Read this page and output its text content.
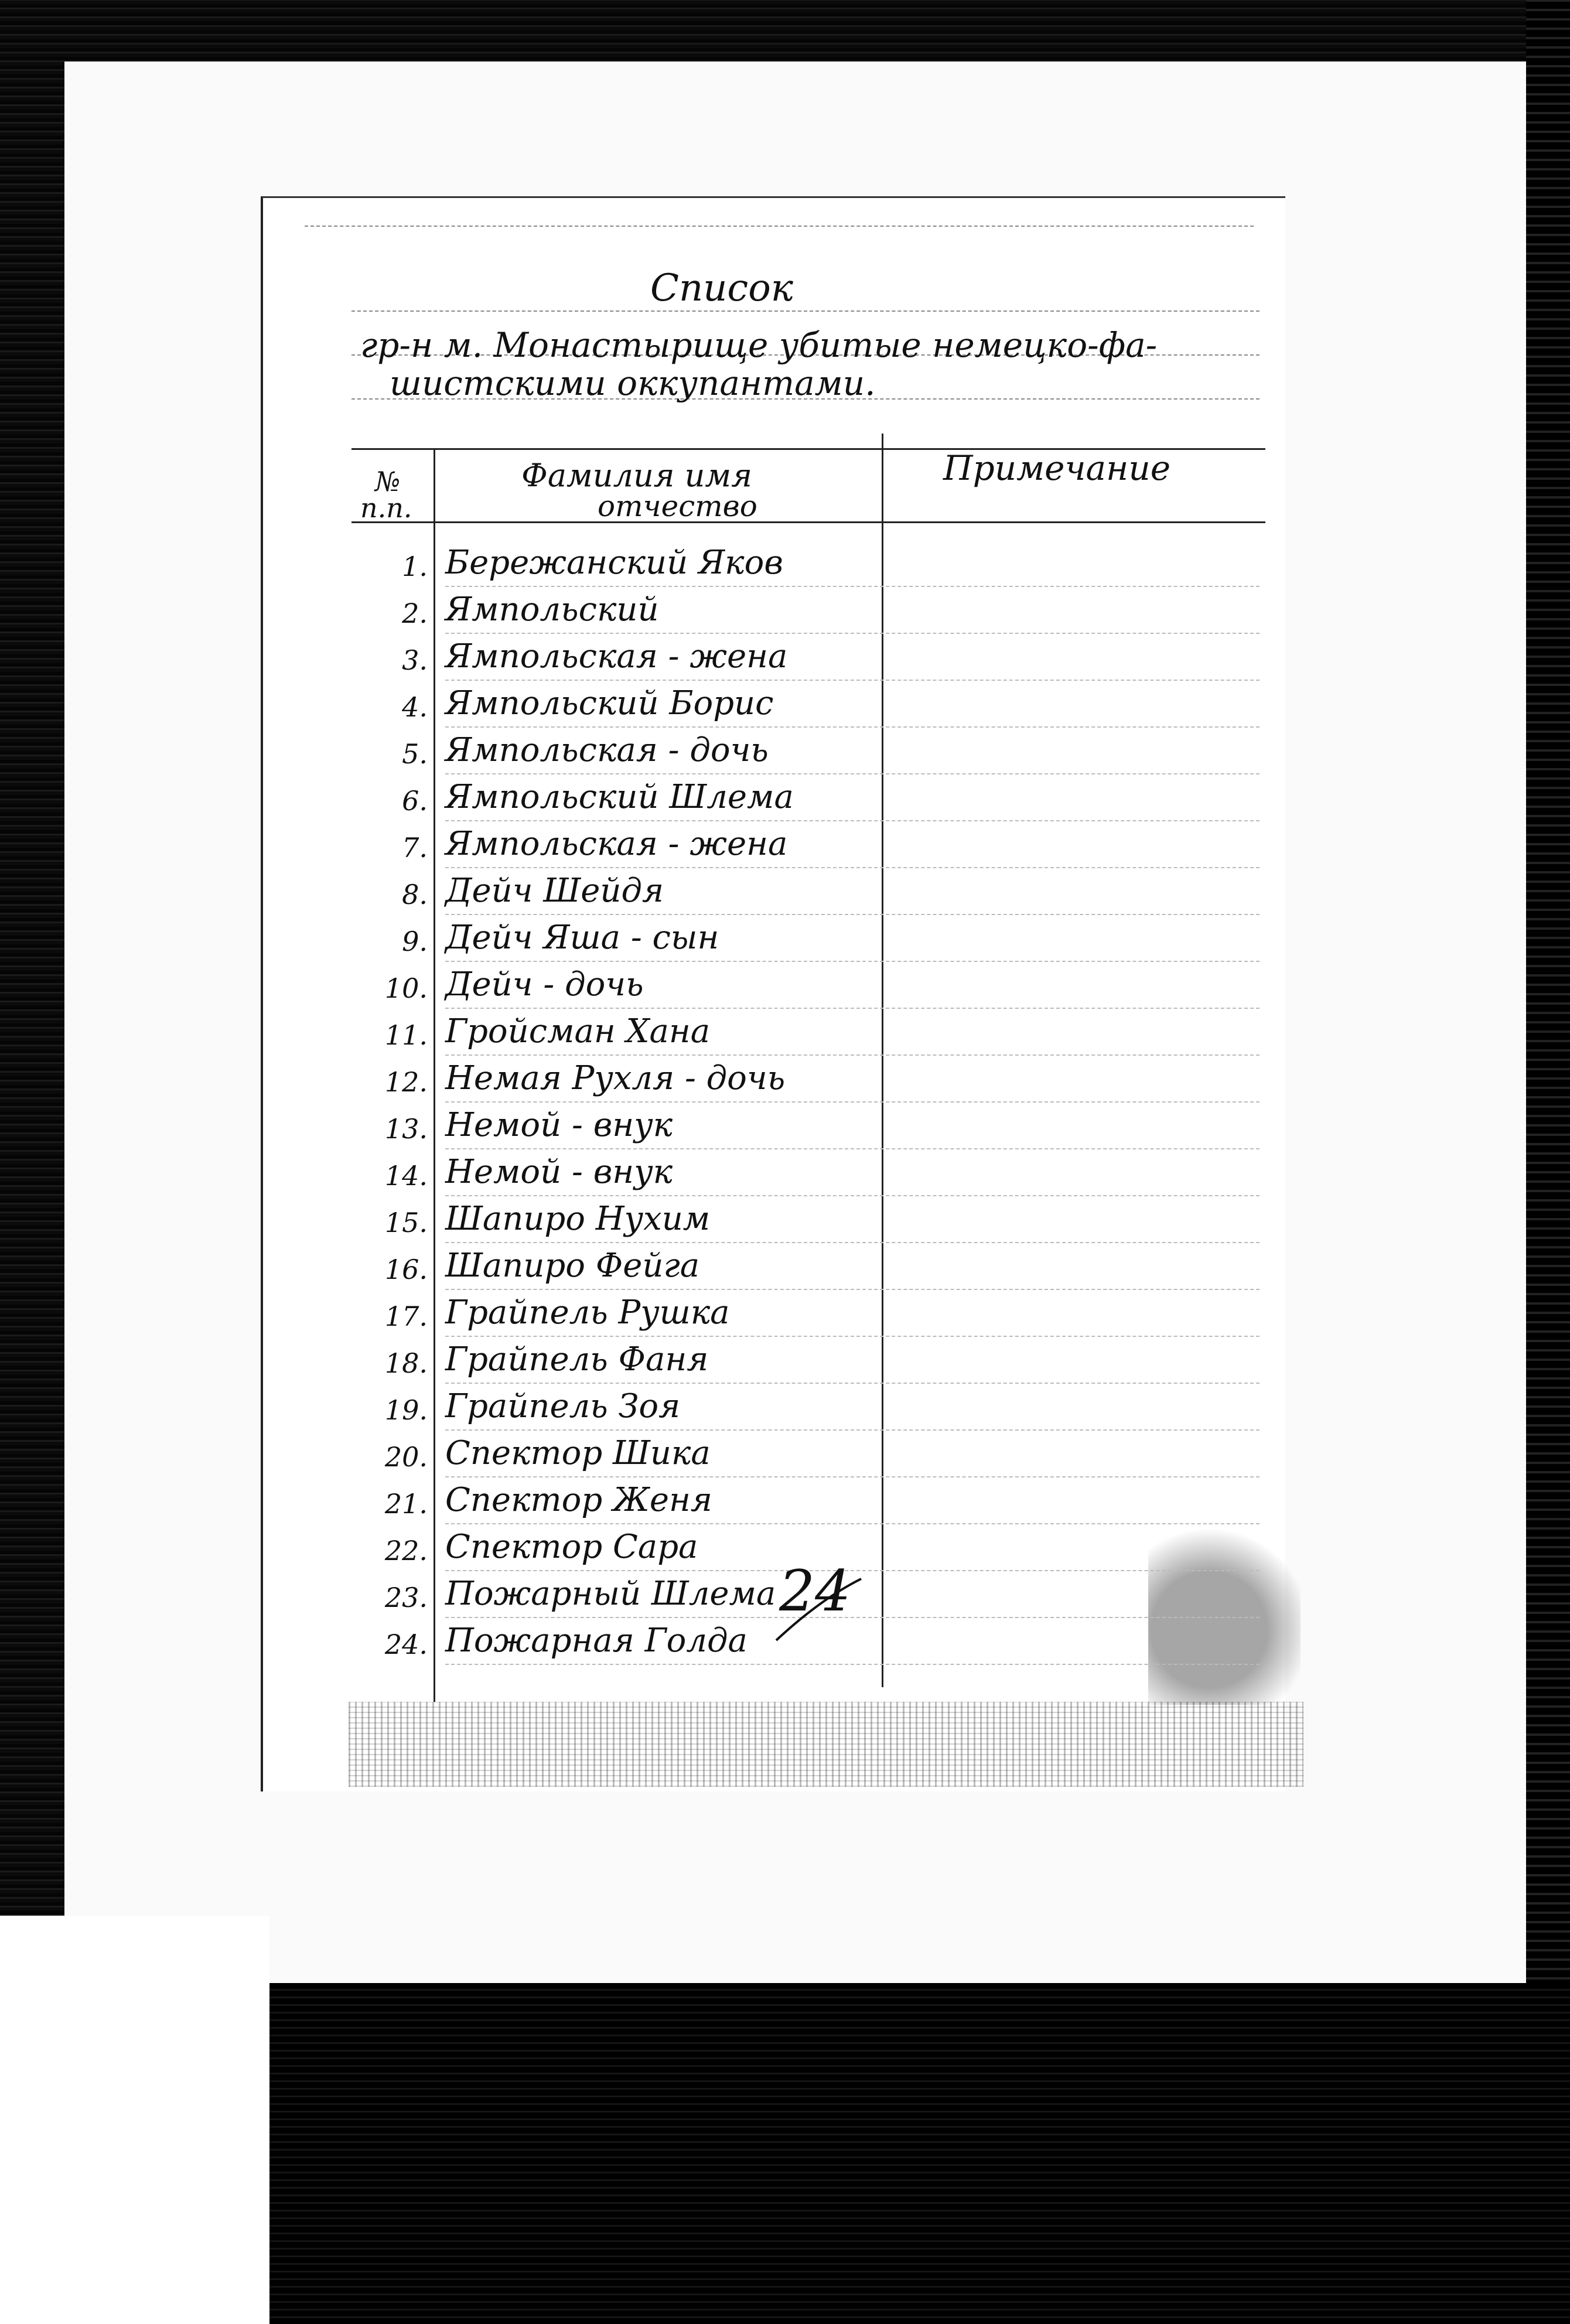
Список
гр-н м. Монастырище убитые немецко-фа-
шистскими оккупантами.
№
п.п.
Фамилия имя
отчество
Примечание
1. Бережанский Яков
2. Ямпольский
3. Ямпольская - жена
4. Ямпольский Борис
5. Ямпольская - дочь
6. Ямпольский Шлема
7. Ямпольская - жена
8. Дейч Шейдя
9. Дейч Яша - сын
10. Дейч - дочь
11. Гройсман Хана
12. Немая Рухля - дочь
13. Немой - внук
14. Немой - внук
15. Шапиро Нухим
16. Шапиро Фейга
17. Грайпель Рушка
18. Грайпель Фаня
19. Грайпель Зоя
20. Спектор Шика
21. Спектор Женя
22. Спектор Сара
23. Пожарный Шлема
24. Пожарная Голда
24
